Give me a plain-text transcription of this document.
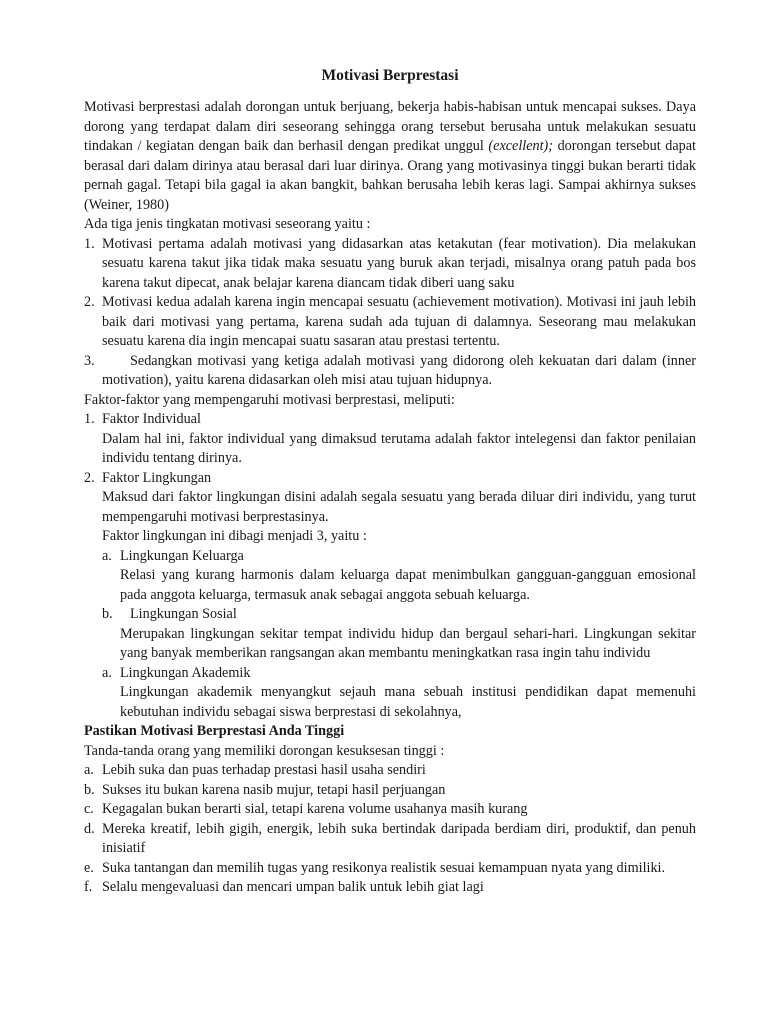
Motivasi Berprestasi

Motivasi berprestasi adalah dorongan untuk berjuang, bekerja habis-habisan untuk mencapai sukses. Daya dorong yang terdapat dalam diri seseorang sehingga orang tersebut berusaha untuk melakukan sesuatu tindakan / kegiatan dengan baik dan berhasil dengan predikat unggul (excellent); dorongan tersebut dapat berasal dari dalam dirinya atau berasal dari luar dirinya. Orang yang motivasinya tinggi bukan berarti tidak pernah gagal. Tetapi bila gagal ia akan bangkit, bahkan berusaha lebih keras lagi. Sampai akhirnya sukses (Weiner, 1980)

Ada tiga jenis tingkatan motivasi seseorang yaitu :
1. Motivasi pertama adalah motivasi yang didasarkan atas ketakutan (fear motivation). Dia melakukan sesuatu karena takut jika tidak maka sesuatu yang buruk akan terjadi, misalnya orang patuh pada bos karena takut dipecat, anak belajar karena diancam tidak diberi uang saku
2. Motivasi kedua adalah karena ingin mencapai sesuatu (achievement motivation). Motivasi ini jauh lebih baik dari motivasi yang pertama, karena sudah ada tujuan di dalamnya. Seseorang mau melakukan sesuatu karena dia ingin mencapai suatu sasaran atau prestasi tertentu.
3.	Sedangkan motivasi yang ketiga adalah motivasi yang didorong oleh kekuatan dari dalam (inner motivation), yaitu karena didasarkan oleh misi atau tujuan hidupnya.
Faktor-faktor yang mempengaruhi motivasi berprestasi, meliputi:
1. Faktor Individual
Dalam hal ini, faktor individual yang dimaksud terutama adalah faktor intelegensi dan faktor penilaian individu tentang dirinya.
2. Faktor Lingkungan
Maksud dari faktor lingkungan disini adalah segala sesuatu yang berada diluar diri individu, yang turut mempengaruhi motivasi berprestasinya.
Faktor lingkungan ini dibagi menjadi 3, yaitu :
a. Lingkungan Keluarga
Relasi yang kurang harmonis dalam keluarga dapat menimbulkan gangguan-gangguan emosional pada anggota keluarga, termasuk anak sebagai anggota sebuah keluarga.
b.	Lingkungan Sosial
Merupakan lingkungan sekitar tempat individu hidup dan bergaul sehari-hari. Lingkungan sekitar yang banyak memberikan rangsangan akan membantu meningkatkan rasa ingin tahu individu
a. Lingkungan Akademik
Lingkungan akademik menyangkut sejauh mana sebuah institusi pendidikan dapat memenuhi kebutuhan individu sebagai siswa berprestasi di sekolahnya,
Pastikan Motivasi Berprestasi Anda Tinggi
Tanda-tanda orang yang memiliki dorongan kesuksesan tinggi :
a. Lebih suka dan puas terhadap prestasi hasil usaha sendiri
b. Sukses itu bukan karena nasib mujur, tetapi hasil perjuangan
c. Kegagalan bukan berarti sial, tetapi karena volume usahanya masih kurang
d. Mereka kreatif, lebih gigih, energik, lebih suka bertindak daripada berdiam diri, produktif, dan penuh inisiatif
e. Suka tantangan dan memilih tugas yang resikonya realistik sesuai kemampuan nyata yang dimiliki.
f. Selalu mengevaluasi dan mencari umpan balik untuk lebih giat lagi
